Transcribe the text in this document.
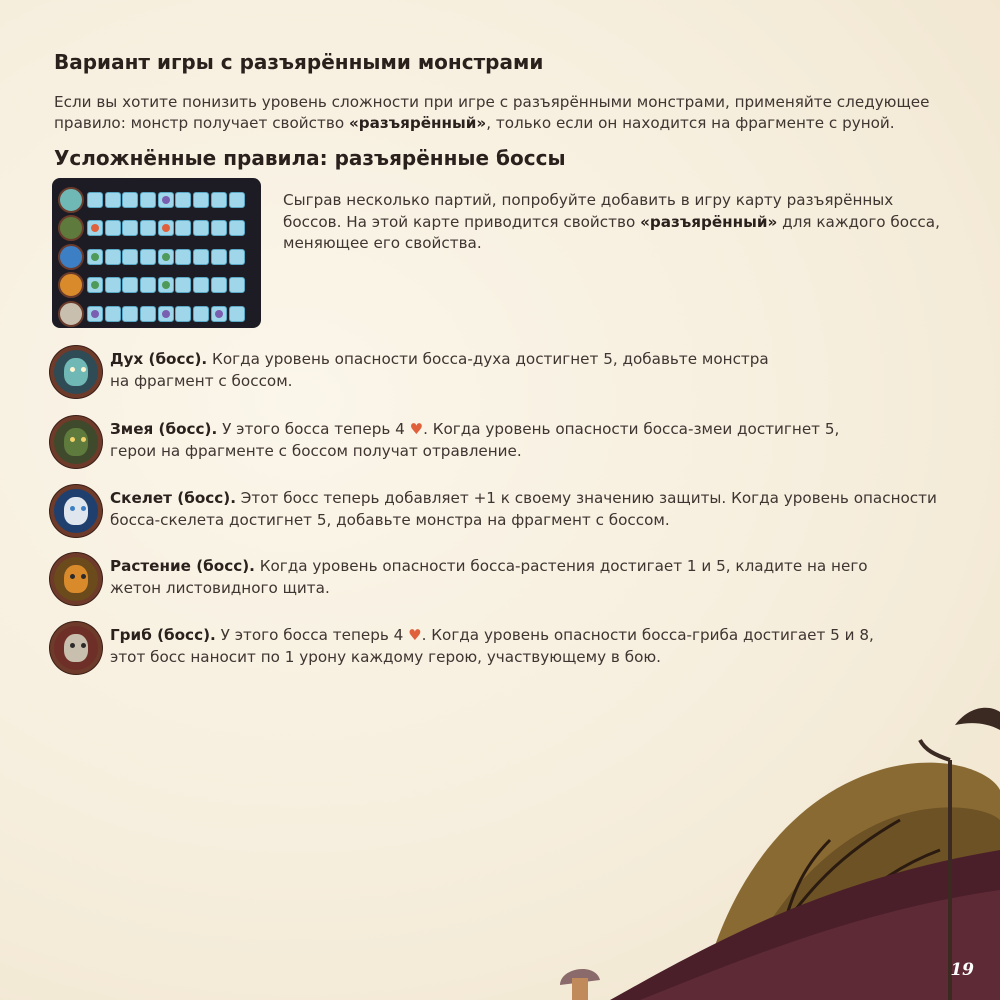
Вариант игры с разъярёнными монстрами

Если вы хотите понизить уровень сложности при игре с разъярёнными монстрами, применяйте следующее правило: монстр получает свойство «разъярённый», только если он находится на фрагменте с руной.

Усложнённые правила: разъярённые боссы

Сыграв несколько партий, попробуйте добавить в игру карту разъярённых боссов. На этой карте приводится свойство «разъярённый» для каждого босса, меняющее его свойства.

Дух (босс). Когда уровень опасности босса-духа достигнет 5, добавьте монстра
на фрагмент с боссом.
Змея (босс). У этого босса теперь 4 ♥. Когда уровень опасности босса-змеи достигнет 5,
герои на фрагменте с боссом получат отравление.
Скелет (босс). Этот босс теперь добавляет +1 к своему значению защиты. Когда уровень опасности
босса-скелета достигнет 5, добавьте монстра на фрагмент с боссом.
Растение (босс). Когда уровень опасности босса-растения достигает 1 и 5, кладите на него
жетон листовидного щита.
Гриб (босс). У этого босса теперь 4 ♥. Когда уровень опасности босса-гриба достигает 5 и 8,
этот босс наносит по 1 урону каждому герою, участвующему в бою.
19
